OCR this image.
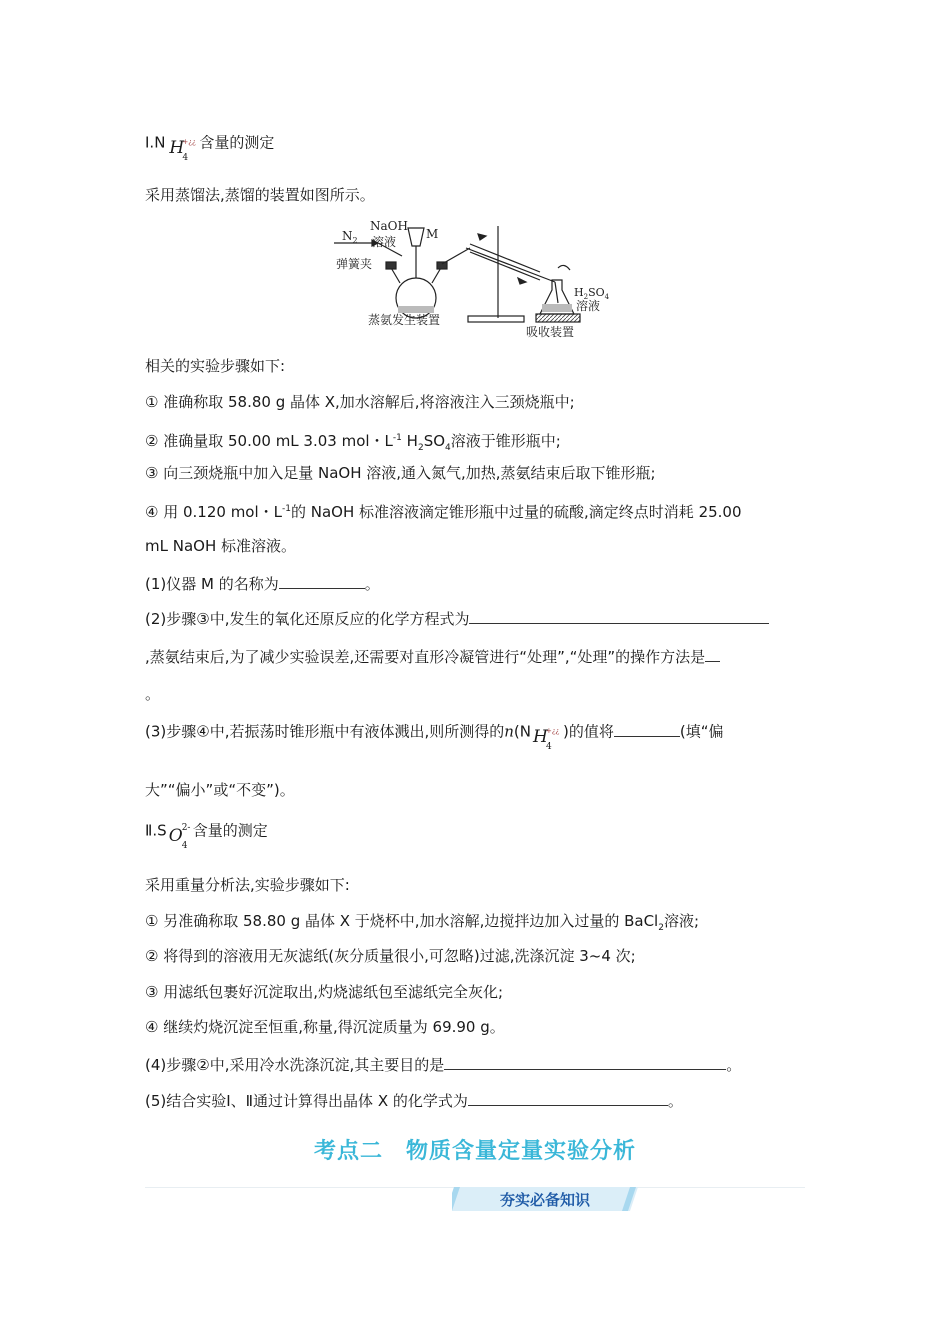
Ⅰ.N H
4
+¿¿ 含量的测定
采用蒸馏法,蒸馏的装置如图所示。
$N_2$
NaOH
溶液
M
弹簧夹
蒸氨发生装置
$H_2SO_4$
溶液
吸收装置
相关的实验步骤如下:
① 准确称取 58.80 g 晶体 X,加水溶解后,将溶液注入三颈烧瓶中;
② 准确量取 50.00 mL 3.03 mol・$L^{-1}$ $H_2SO_4$溶液于锥形瓶中;
③ 向三颈烧瓶中加入足量 NaOH 溶液,通入氮气,加热,蒸氨结束后取下锥形瓶;
④ 用 0.120 mol・$L^{-1}$的 NaOH 标准溶液滴定锥形瓶中过量的硫酸,滴定终点时消耗 25.00
mL NaOH 标准溶液。
(1)仪器 M 的名称为	。
(2)步骤③中,发生的氧化还原反应的化学方程式为
,蒸氨结束后,为了减少实验误差,还需要对直形冷凝管进行“处理”,“处理”的操作方法是
。
(3)步骤④中,若振荡时锥形瓶中有液体溅出,则所测得的n(N H
4
+¿¿ )的值将	(填“偏
大”“偏小”或“不变”)。
Ⅱ.S O 4
2- 含量的测定
采用重量分析法,实验步骤如下:
① 另准确称取 58.80 g 晶体 X 于烧杯中,加水溶解,边搅拌边加入过量的 BaCl$_2$溶液;
② 将得到的溶液用无灰滤纸(灰分质量很小,可忽略)过滤,洗涤沉淀 3~4 次;
③ 用滤纸包裹好沉淀取出,灼烧滤纸包至滤纸完全灰化;
④ 继续灼烧沉淀至恒重,称量,得沉淀质量为 69.90 g。
(4)步骤②中,采用冷水洗涤沉淀,其主要目的是	。
(5)结合实验Ⅰ、Ⅱ通过计算得出晶体 X 的化学式为	。
考点二　物质含量定量实验分析
夯实必备知识
